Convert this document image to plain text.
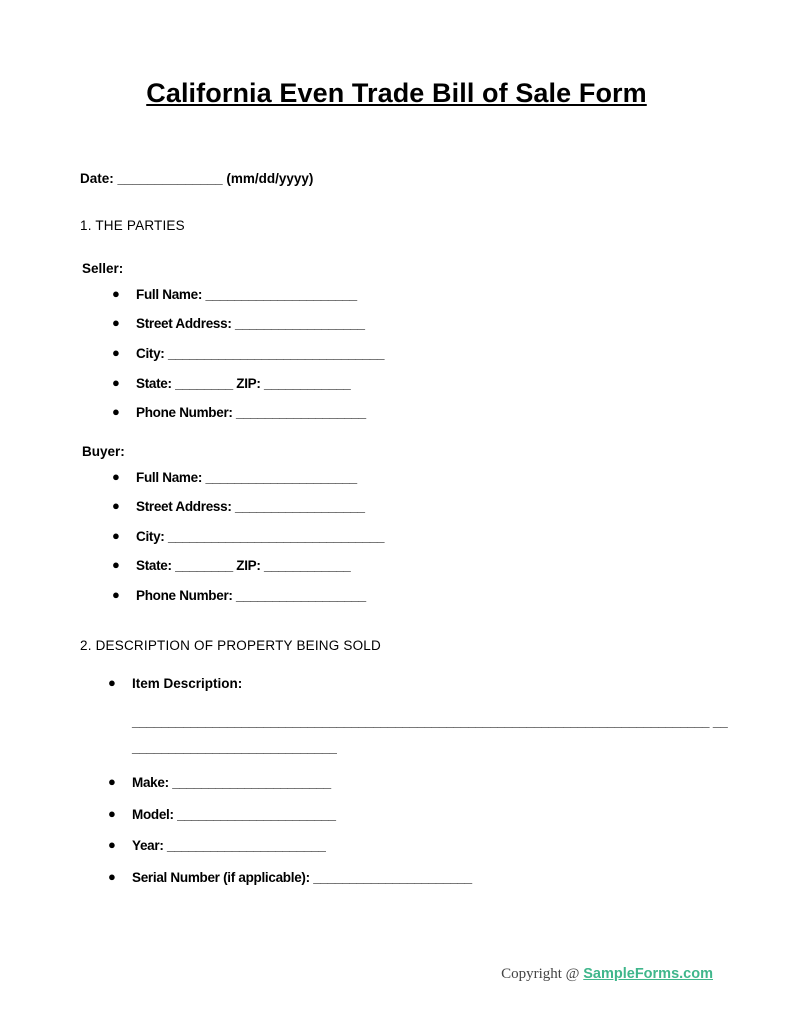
California Even Trade Bill of Sale Form

Date: ______________ (mm/dd/yyyy)

1. THE PARTIES

Seller:

● Full Name: _____________________
● Street Address: __________________
● City: ______________________________
● State: ________ ZIP: ____________
● Phone Number: __________________

Buyer:

● Full Name: _____________________
● Street Address: __________________
● City: ______________________________
● State: ________ ZIP: ____________
● Phone Number: __________________

2. DESCRIPTION OF PROPERTY BEING SOLD

● Item Description:
_______________________________________________________________________________ ______________________________
● Make: ______________________
● Model: ______________________
● Year: ______________________
● Serial Number (if applicable): ______________________
Copyright @ SampleForms.com
